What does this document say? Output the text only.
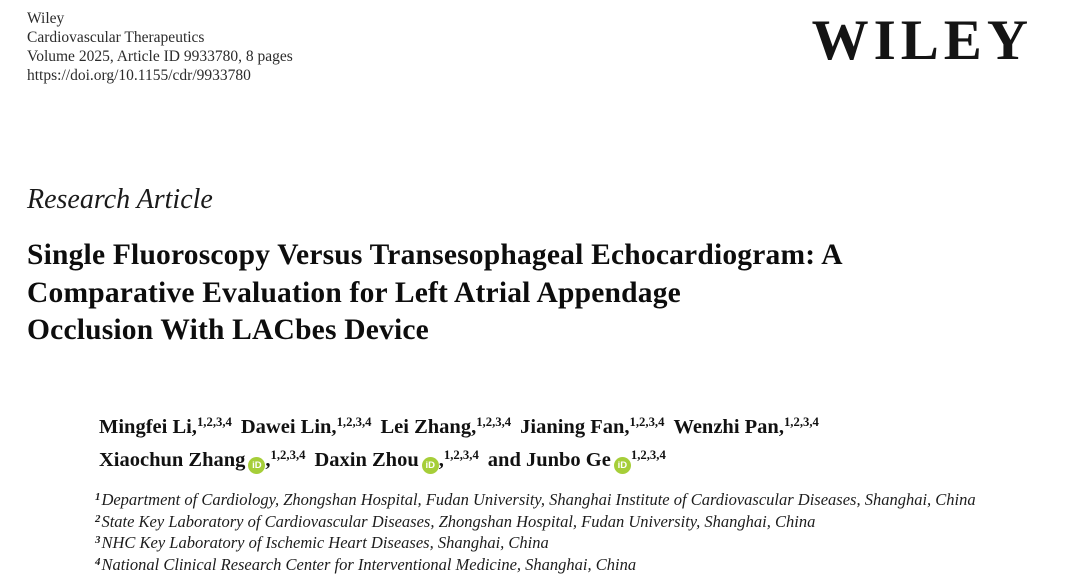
Wiley
Cardiovascular Therapeutics
Volume 2025, Article ID 9933780, 8 pages
https://doi.org/10.1155/cdr/9933780
WILEY
Research Article
Single Fluoroscopy Versus Transesophageal Echocardiogram: A
Comparative Evaluation for Left Atrial Appendage
Occlusion With LACbes Device
Mingfei Li,$^{1,2,3,4}$ Dawei Lin,$^{1,2,3,4}$ Lei Zhang,$^{1,2,3,4}$ Jianing Fan,$^{1,2,3,4}$ Wenzhi Pan,$^{1,2,3,4}$
Xiaochun Zhang iD ,$^{1,2,3,4}$ Daxin Zhou iD ,$^{1,2,3,4}$ and Junbo Ge iD$^{1,2,3,4}$
$^1$Department of Cardiology, Zhongshan Hospital, Fudan University, Shanghai Institute of Cardiovascular Diseases, Shanghai, China
$^2$State Key Laboratory of Cardiovascular Diseases, Zhongshan Hospital, Fudan University, Shanghai, China
$^3$NHC Key Laboratory of Ischemic Heart Diseases, Shanghai, China
$^4$National Clinical Research Center for Interventional Medicine, Shanghai, China
